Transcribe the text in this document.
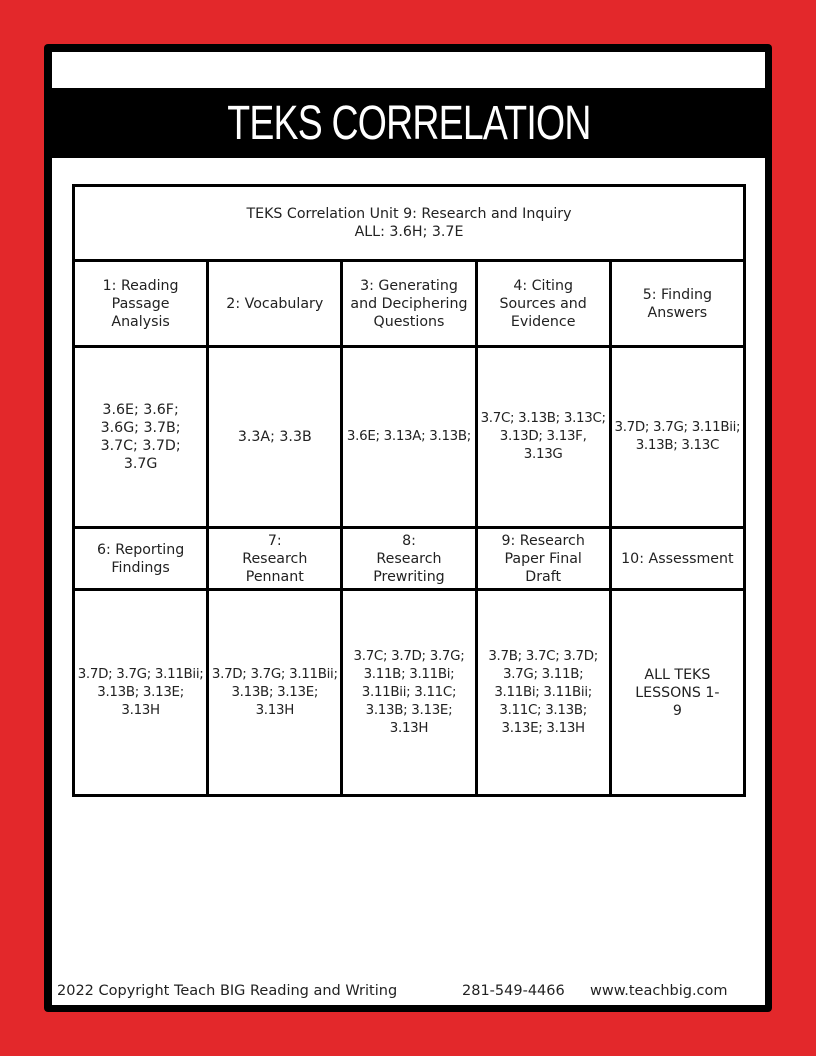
TEKS CORRELATION
TEKS Correlation Unit 9: Research and Inquiry
ALL: 3.6H; 3.7E				

1: Reading Passage Analysis	2: Vocabulary	3: Generating and Deciphering Questions	4: Citing Sources and Evidence	5: Finding Answers
3.6E; 3.6F; 3.6G; 3.7B; 3.7C; 3.7D; 3.7G	3.3A; 3.3B	3.6E; 3.13A; 3.13B;	3.7C; 3.13B; 3.13C; 3.13D; 3.13F, 3.13G	3.7D; 3.7G; 3.11Bii; 3.13B; 3.13C
6: Reporting Findings	7: Research Pennant	8: Research Prewriting	9: Research Paper Final Draft	10: Assessment
3.7D; 3.7G; 3.11Bii; 3.13B; 3.13E; 3.13H	3.7D; 3.7G; 3.11Bii; 3.13B; 3.13E; 3.13H	3.7C; 3.7D; 3.7G; 3.11B; 3.11Bi; 3.11Bii; 3.11C; 3.13B; 3.13E; 3.13H	3.7B; 3.7C; 3.7D; 3.7G; 3.11B; 3.11Bi; 3.11Bii; 3.11C; 3.13B; 3.13E; 3.13H	ALL TEKS LESSONS 1-9
2022 Copyright Teach BIG Reading and Writing	281-549-4466 www.teachbig.com
